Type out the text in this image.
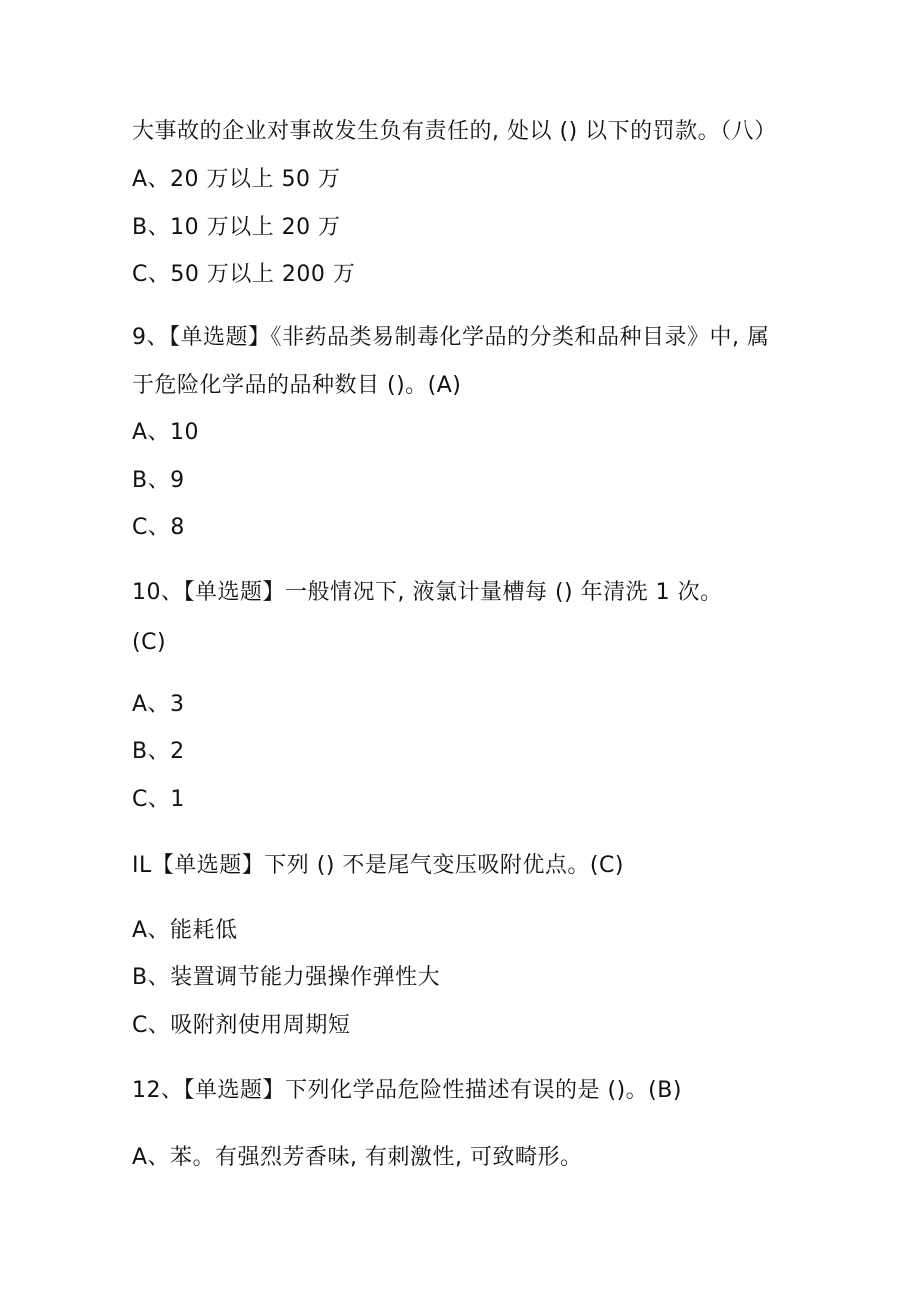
大事故的企业对事故发生负有责任的, 处以 () 以下的罚款。（八）
A、20 万以上 50 万
B、10 万以上 20 万
C、50 万以上 200 万
9、【单选题】《非药品类易制毒化学品的分类和品种目录》中, 属
于危险化学品的品种数目 ()。(A)
A、10
B、9
C、8
10、【单选题】一般情况下, 液氯计量槽每 () 年清洗 1 次。
(C)
A、3
B、2
C、1
IL【单选题】下列 () 不是尾气变压吸附优点。(C)
A、能耗低
B、装置调节能力强操作弹性大
C、吸附剂使用周期短
12、【单选题】下列化学品危险性描述有误的是 ()。(B)
A、苯。有强烈芳香味, 有刺激性, 可致畸形。
